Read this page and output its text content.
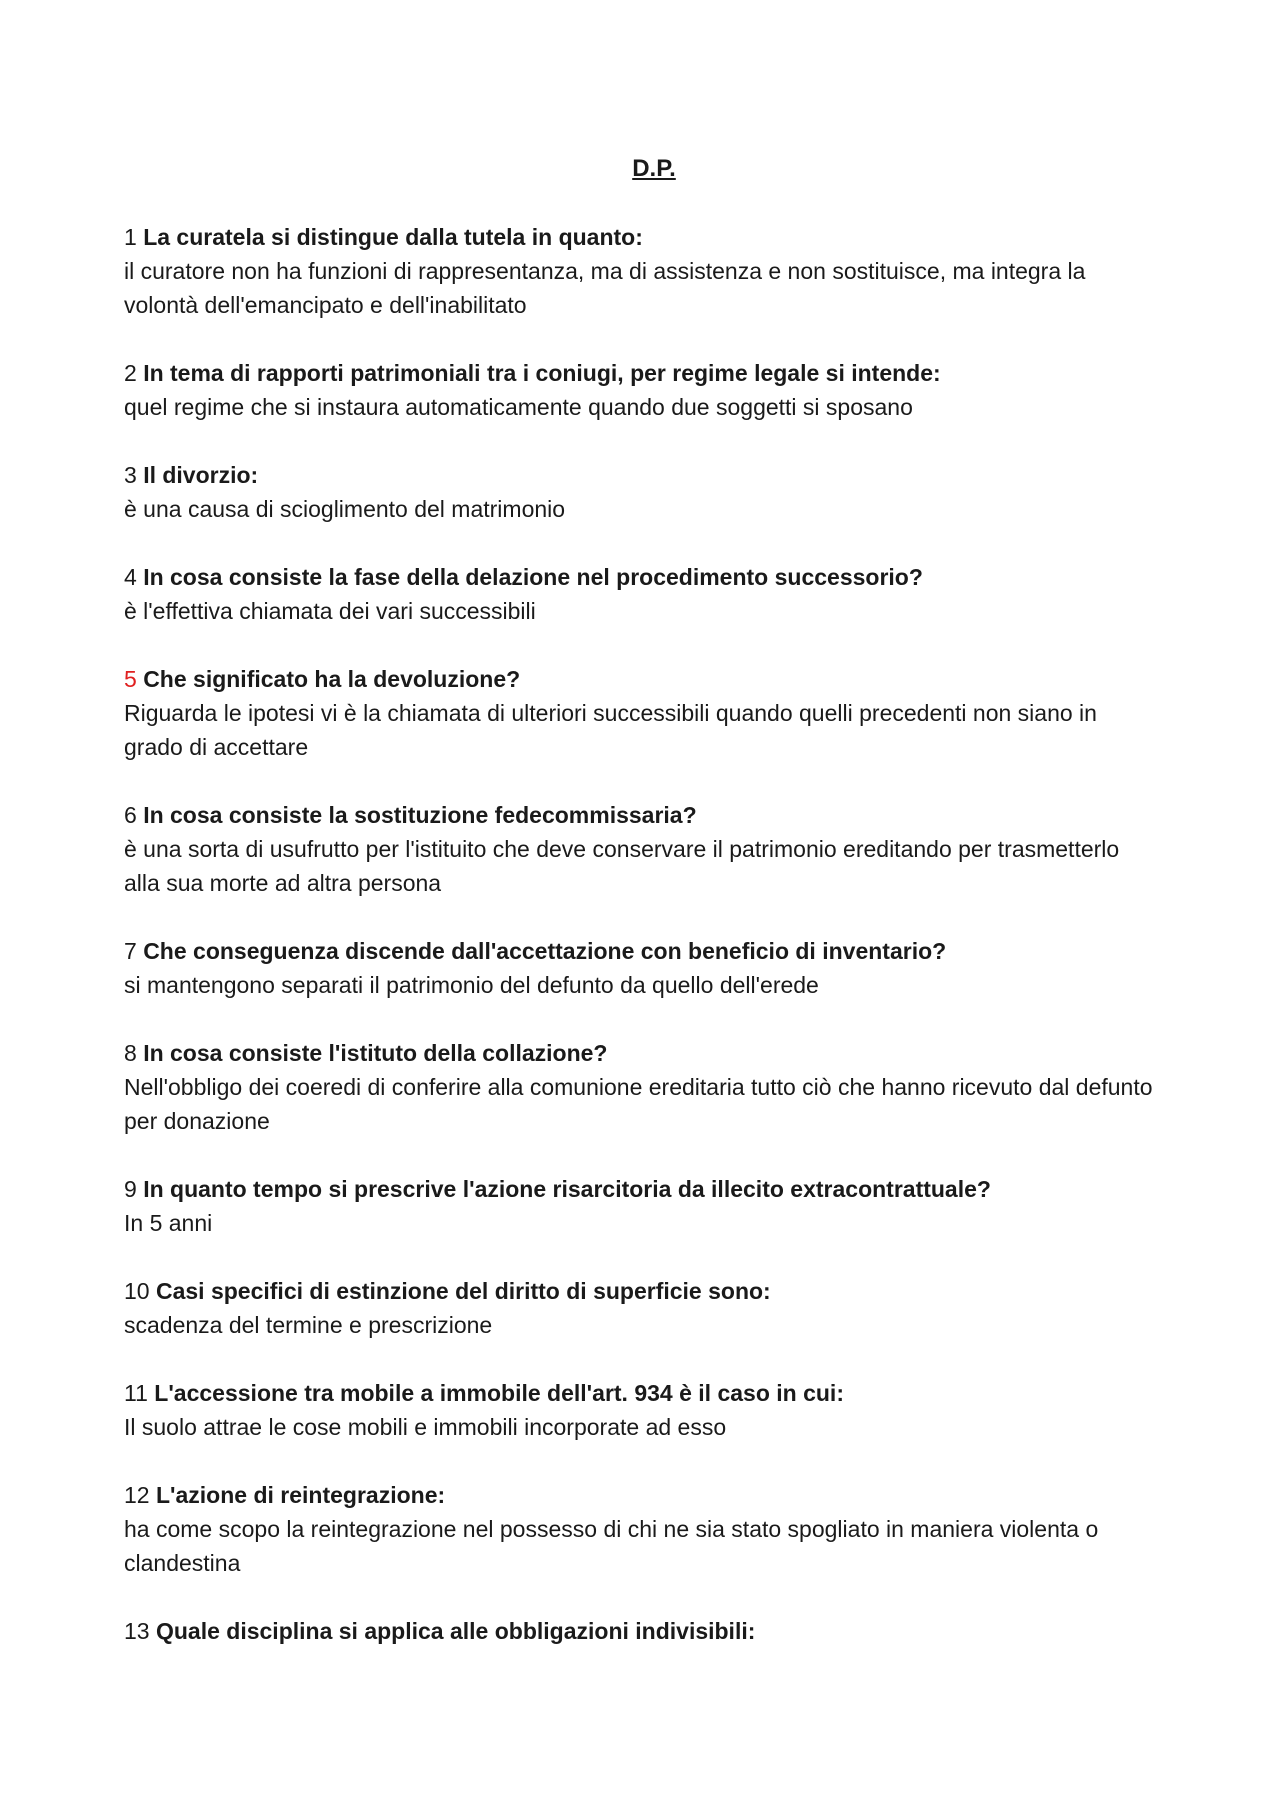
D.P.

1 La curatela si distingue dalla tutela in quanto:

il curatore non ha funzioni di rappresentanza, ma di assistenza e non sostituisce, ma integra la volontà dell'emancipato e dell'inabilitato

2 In tema di rapporti patrimoniali tra i coniugi, per regime legale si intende:

quel regime che si instaura automaticamente quando due soggetti si sposano

3 Il divorzio:

è una causa di scioglimento del matrimonio

4 In cosa consiste la fase della delazione nel procedimento successorio?

è l'effettiva chiamata dei vari successibili

5 Che significato ha la devoluzione?

Riguarda le ipotesi vi è la chiamata di ulteriori successibili quando quelli precedenti non siano in grado di accettare

6 In cosa consiste la sostituzione fedecommissaria?

è una sorta di usufrutto per l'istituito che deve conservare il patrimonio ereditando per trasmetterlo alla sua morte ad altra persona

7 Che conseguenza discende dall'accettazione con beneficio di inventario?

si mantengono separati il patrimonio del defunto da quello dell'erede

8 In cosa consiste l'istituto della collazione?

Nell'obbligo dei coeredi di conferire alla comunione ereditaria tutto ciò che hanno ricevuto dal defunto per donazione

9 In quanto tempo si prescrive l'azione risarcitoria da illecito extracontrattuale?

In 5 anni

10 Casi specifici di estinzione del diritto di superficie sono:

scadenza del termine e prescrizione

11 L'accessione tra mobile a immobile dell'art. 934 è il caso in cui:

Il suolo attrae le cose mobili e immobili incorporate ad esso

12 L'azione di reintegrazione:

ha come scopo la reintegrazione nel possesso di chi ne sia stato spogliato in maniera violenta o clandestina

13 Quale disciplina si applica alle obbligazioni indivisibili:
